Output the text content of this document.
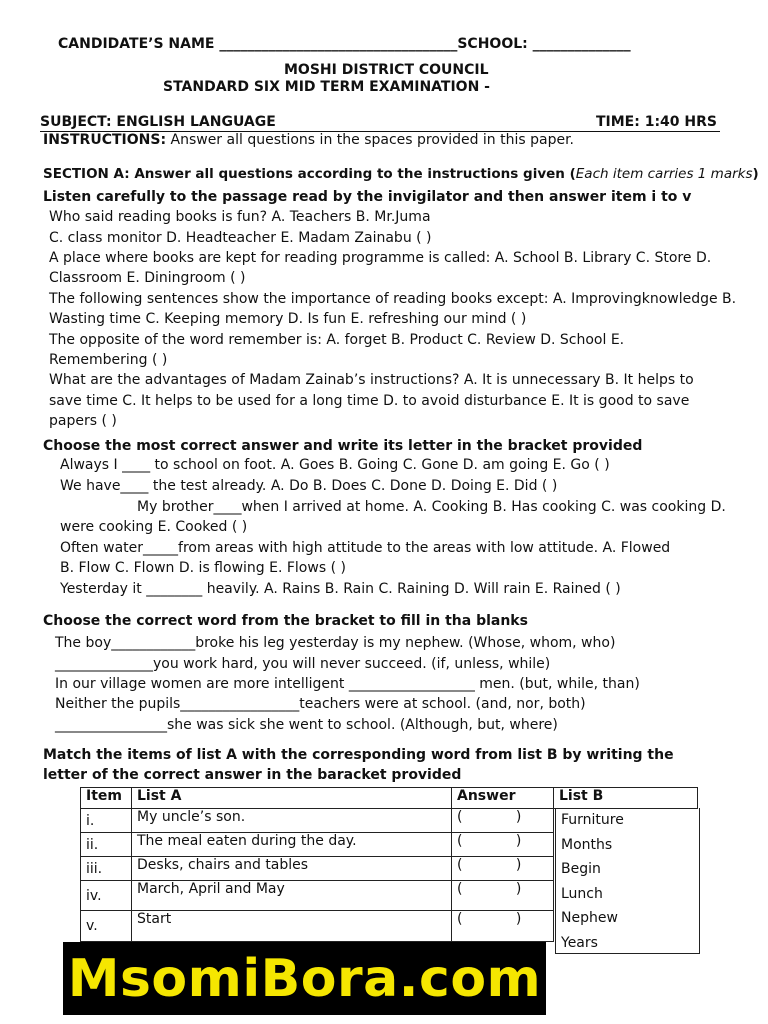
CANDIDATE’S NAME __________________________________SCHOOL: ______________
MOSHI DISTRICT COUNCIL
STANDARD SIX MID TERM EXAMINATION -
SUBJECT: ENGLISH LANGUAGE	TIME: 1:40 HRS
INSTRUCTIONS: Answer all questions in the spaces provided in this paper.
SECTION A: Answer all questions according to the instructions given (Each item carries 1 marks)
Listen carefully to the passage read by the invigilator and then answer item i to v
Who said reading books is fun? A. Teachers B. Mr.Juma
C. class monitor D. Headteacher E. Madam Zainabu ( )
A place where books are kept for reading programme is called: A. School B. Library C. Store D.
Classroom E. Diningroom ( )
The following sentences show the importance of reading books except: A. Improvingknowledge B.
Wasting time C. Keeping memory D. Is fun E. refreshing our mind ( )
The opposite of the word remember is: A. forget B. Product C. Review D. School E.
Remembering ( )
What are the advantages of Madam Zainab’s instructions? A. It is unnecessary B. It helps to
save time C. It helps to be used for a long time D. to avoid disturbance E. It is good to save
papers ( )
Choose the most correct answer and write its letter in the bracket provided
Always I ____ to school on foot. A. Goes B. Going C. Gone D. am going E. Go ( )
We have____ the test already. A. Do B. Does C. Done D. Doing E. Did ( )
My brother____when I arrived at home. A. Cooking B. Has cooking C. was cooking D.
were cooking E. Cooked ( )
Often water_____from areas with high attitude to the areas with low attitude. A. Flowed
B. Flow C. Flown D. is flowing E. Flows ( )
Yesterday it ________ heavily. A. Rains B. Rain C. Raining D. Will rain E. Rained ( )
Choose the correct word from the bracket to fill in tha blanks
The boy____________broke his leg yesterday is my nephew. (Whose, whom, who)
______________you work hard, you will never succeed. (if, unless, while)
In our village women are more intelligent __________________ men. (but, while, than)
Neither the pupils_________________teachers were at school. (and, nor, both)
________________she was sick she went to school. (Although, but, where)
Match the items of list A with the corresponding word from list B by writing the
letter of the correct answer in the baracket provided
Item	List A	Answer	List B
i.	My uncle’s son.	(            )	
ii.	The meal eaten during the day.	(            )	
iii.	Desks, chairs and tables	(            )	
iv.	March, April and May	(            )	
v.	Start	(            )	
Furniture
Months
Begin
Lunch
Nephew
Years
MsomiBora.com
